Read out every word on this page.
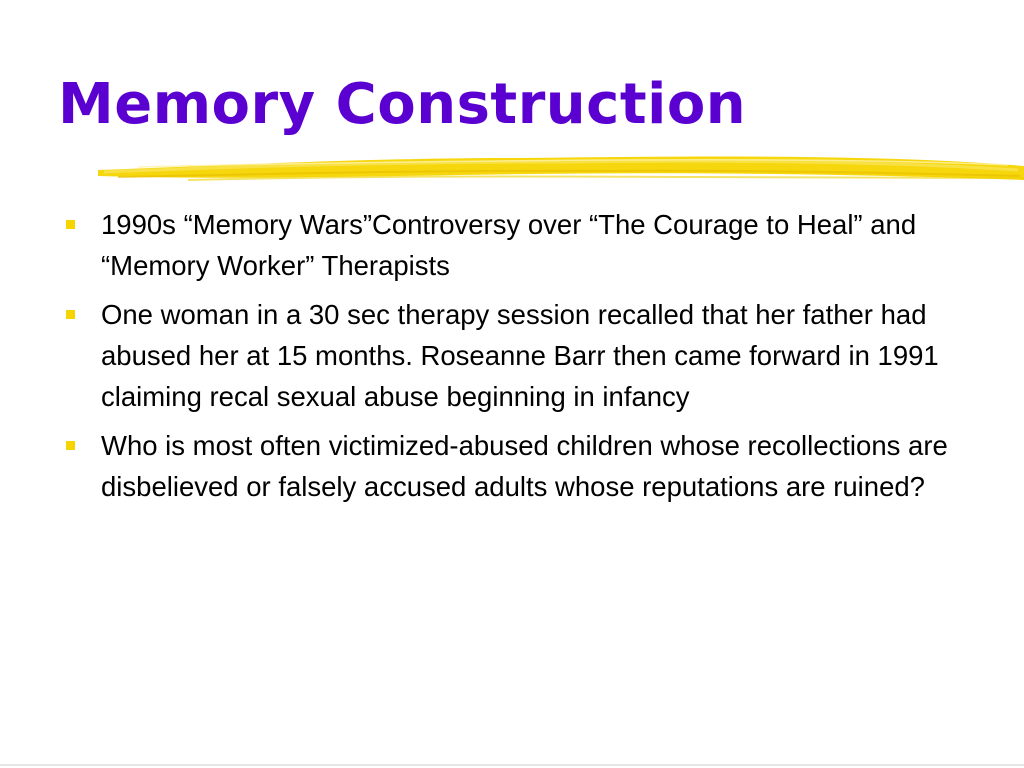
Memory Construction
1990s “Memory Wars”Controversy over “The Courage to Heal” and “Memory Worker” Therapists
One woman in a 30 sec therapy session recalled that her father had abused her at 15 months. Roseanne Barr then came forward in 1991 claiming recal sexual abuse beginning in infancy
Who is most often victimized-abused children whose recollections are disbelieved or falsely accused adults whose reputations are ruined?
